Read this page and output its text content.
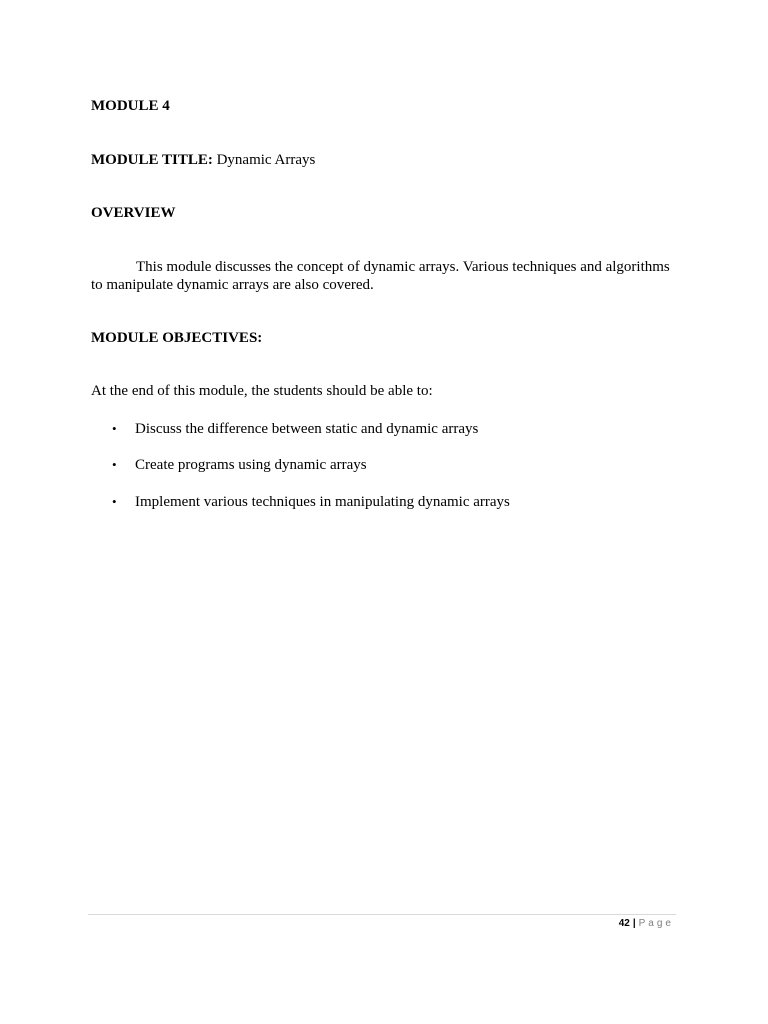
MODULE 4
MODULE TITLE: Dynamic Arrays
OVERVIEW
This module discusses the concept of dynamic arrays. Various techniques and algorithms to manipulate dynamic arrays are also covered.
MODULE OBJECTIVES:
At the end of this module, the students should be able to:
• Discuss the difference between static and dynamic arrays
• Create programs using dynamic arrays
• Implement various techniques in manipulating dynamic arrays
42 | Page
